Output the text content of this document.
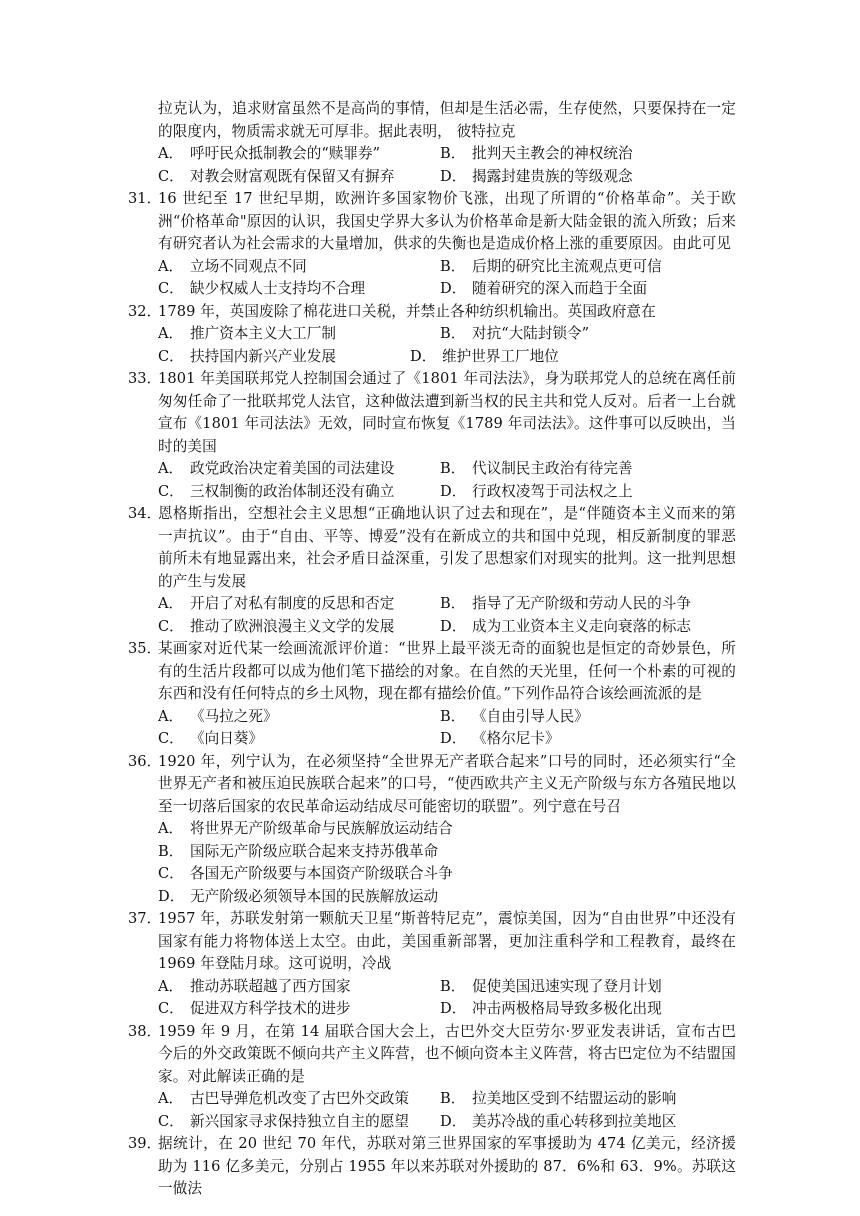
拉克认为，追求财富虽然不是高尚的事情，但却是生活必需，生存使然，只要保持在一定的限度内，物质需求就无可厚非。据此表明， 彼特拉克

A． 呼吁民众抵制教会的“赎罪券”	B． 批判天主教会的神权统治
C． 对教会财富观既有保留又有摒弃	D． 揭露封建贵族的等级观念
31．

16 世纪至 17 世纪早期，欧洲许多国家物价飞涨，出现了所谓的“价格革命”。关于欧洲“价格革命"原因的认识，我国史学界大多认为价格革命是新大陆金银的流入所致；后来有研究者认为社会需求的大量增加，供求的失衡也是造成价格上涨的重要原因。由此可见

A． 立场不同观点不同	B． 后期的研究比主流观点更可信
C． 缺少权威人士支持均不合理	D． 随着研究的深入而趋于全面
32．

1789 年，英国废除了棉花进口关税，并禁止各种纺织机输出。英国政府意在

A． 推广资本主义大工厂制	B． 对抗“大陆封锁令”
C． 扶持国内新兴产业发展	D． 维护世界工厂地位
33．

1801 年美国联邦党人控制国会通过了《1801 年司法法》，身为联邦党人的总统在离任前匆匆任命了一批联邦党人法官，这种做法遭到新当权的民主共和党人反对。后者一上台就宣布《1801 年司法法》无效，同时宣布恢复《1789 年司法法》。这件事可以反映出，当时的美国

A． 政党政治决定着美国的司法建设	B． 代议制民主政治有待完善
C． 三权制衡的政治体制还没有确立	D． 行政权凌驾于司法权之上
34．

恩格斯指出，空想社会主义思想“正确地认识了过去和现在”，是“伴随资本主义而来的第一声抗议”。由于“自由、平等、博爱”没有在新成立的共和国中兑现，相反新制度的罪恶前所未有地显露出来，社会矛盾日益深重，引发了思想家们对现实的批判。这一批判思想的产生与发展

A． 开启了对私有制度的反思和否定	B． 指导了无产阶级和劳动人民的斗争
C． 推动了欧洲浪漫主义文学的发展	D． 成为工业资本主义走向衰落的标志
35．

某画家对近代某一绘画流派评价道：“世界上最平淡无奇的面貌也是恒定的奇妙景色，所有的生活片段都可以成为他们笔下描绘的对象。在自然的天光里，任何一个朴素的可视的东西和没有任何特点的乡土风物，现在都有描绘价值。”下列作品符合该绘画流派的是

A． 《马拉之死》	B． 《自由引导人民》
C． 《向日葵》	D． 《格尔尼卡》
36．

1920 年，列宁认为，在必须坚持“全世界无产者联合起来”口号的同时，还必须实行“全世界无产者和被压迫民族联合起来”的口号，“使西欧共产主义无产阶级与东方各殖民地以至一切落后国家的农民革命运动结成尽可能密切的联盟”。列宁意在号召

A． 将世界无产阶级革命与民族解放运动结合
B． 国际无产阶级应联合起来支持苏俄革命
C． 各国无产阶级要与本国资产阶级联合斗争
D． 无产阶级必须领导本国的民族解放运动
37．

1957 年，苏联发射第一颗航天卫星“斯普特尼克”，震惊美国，因为“自由世界”中还没有国家有能力将物体送上太空。由此，美国重新部署，更加注重科学和工程教育，最终在 1969 年登陆月球。这可说明，冷战

A． 推动苏联超越了西方国家	B． 促使美国迅速实现了登月计划
C． 促进双方科学技术的进步	D． 冲击两极格局导致多极化出现
38．

1959 年 9 月，在第 14 届联合国大会上，古巴外交大臣劳尔·罗亚发表讲话，宣布古巴今后的外交政策既不倾向共产主义阵营，也不倾向资本主义阵营，将古巴定位为不结盟国家。对此解读正确的是

A． 古巴导弹危机改变了古巴外交政策	B． 拉美地区受到不结盟运动的影响
C． 新兴国家寻求保持独立自主的愿望	D． 美苏冷战的重心转移到拉美地区
39．

据统计，在 20 世纪 70 年代，苏联对第三世界国家的军事援助为 474 亿美元，经济援助为 116 亿多美元，分别占 1955 年以来苏联对外援助的 87．6%和 63．9%。苏联这一做法
